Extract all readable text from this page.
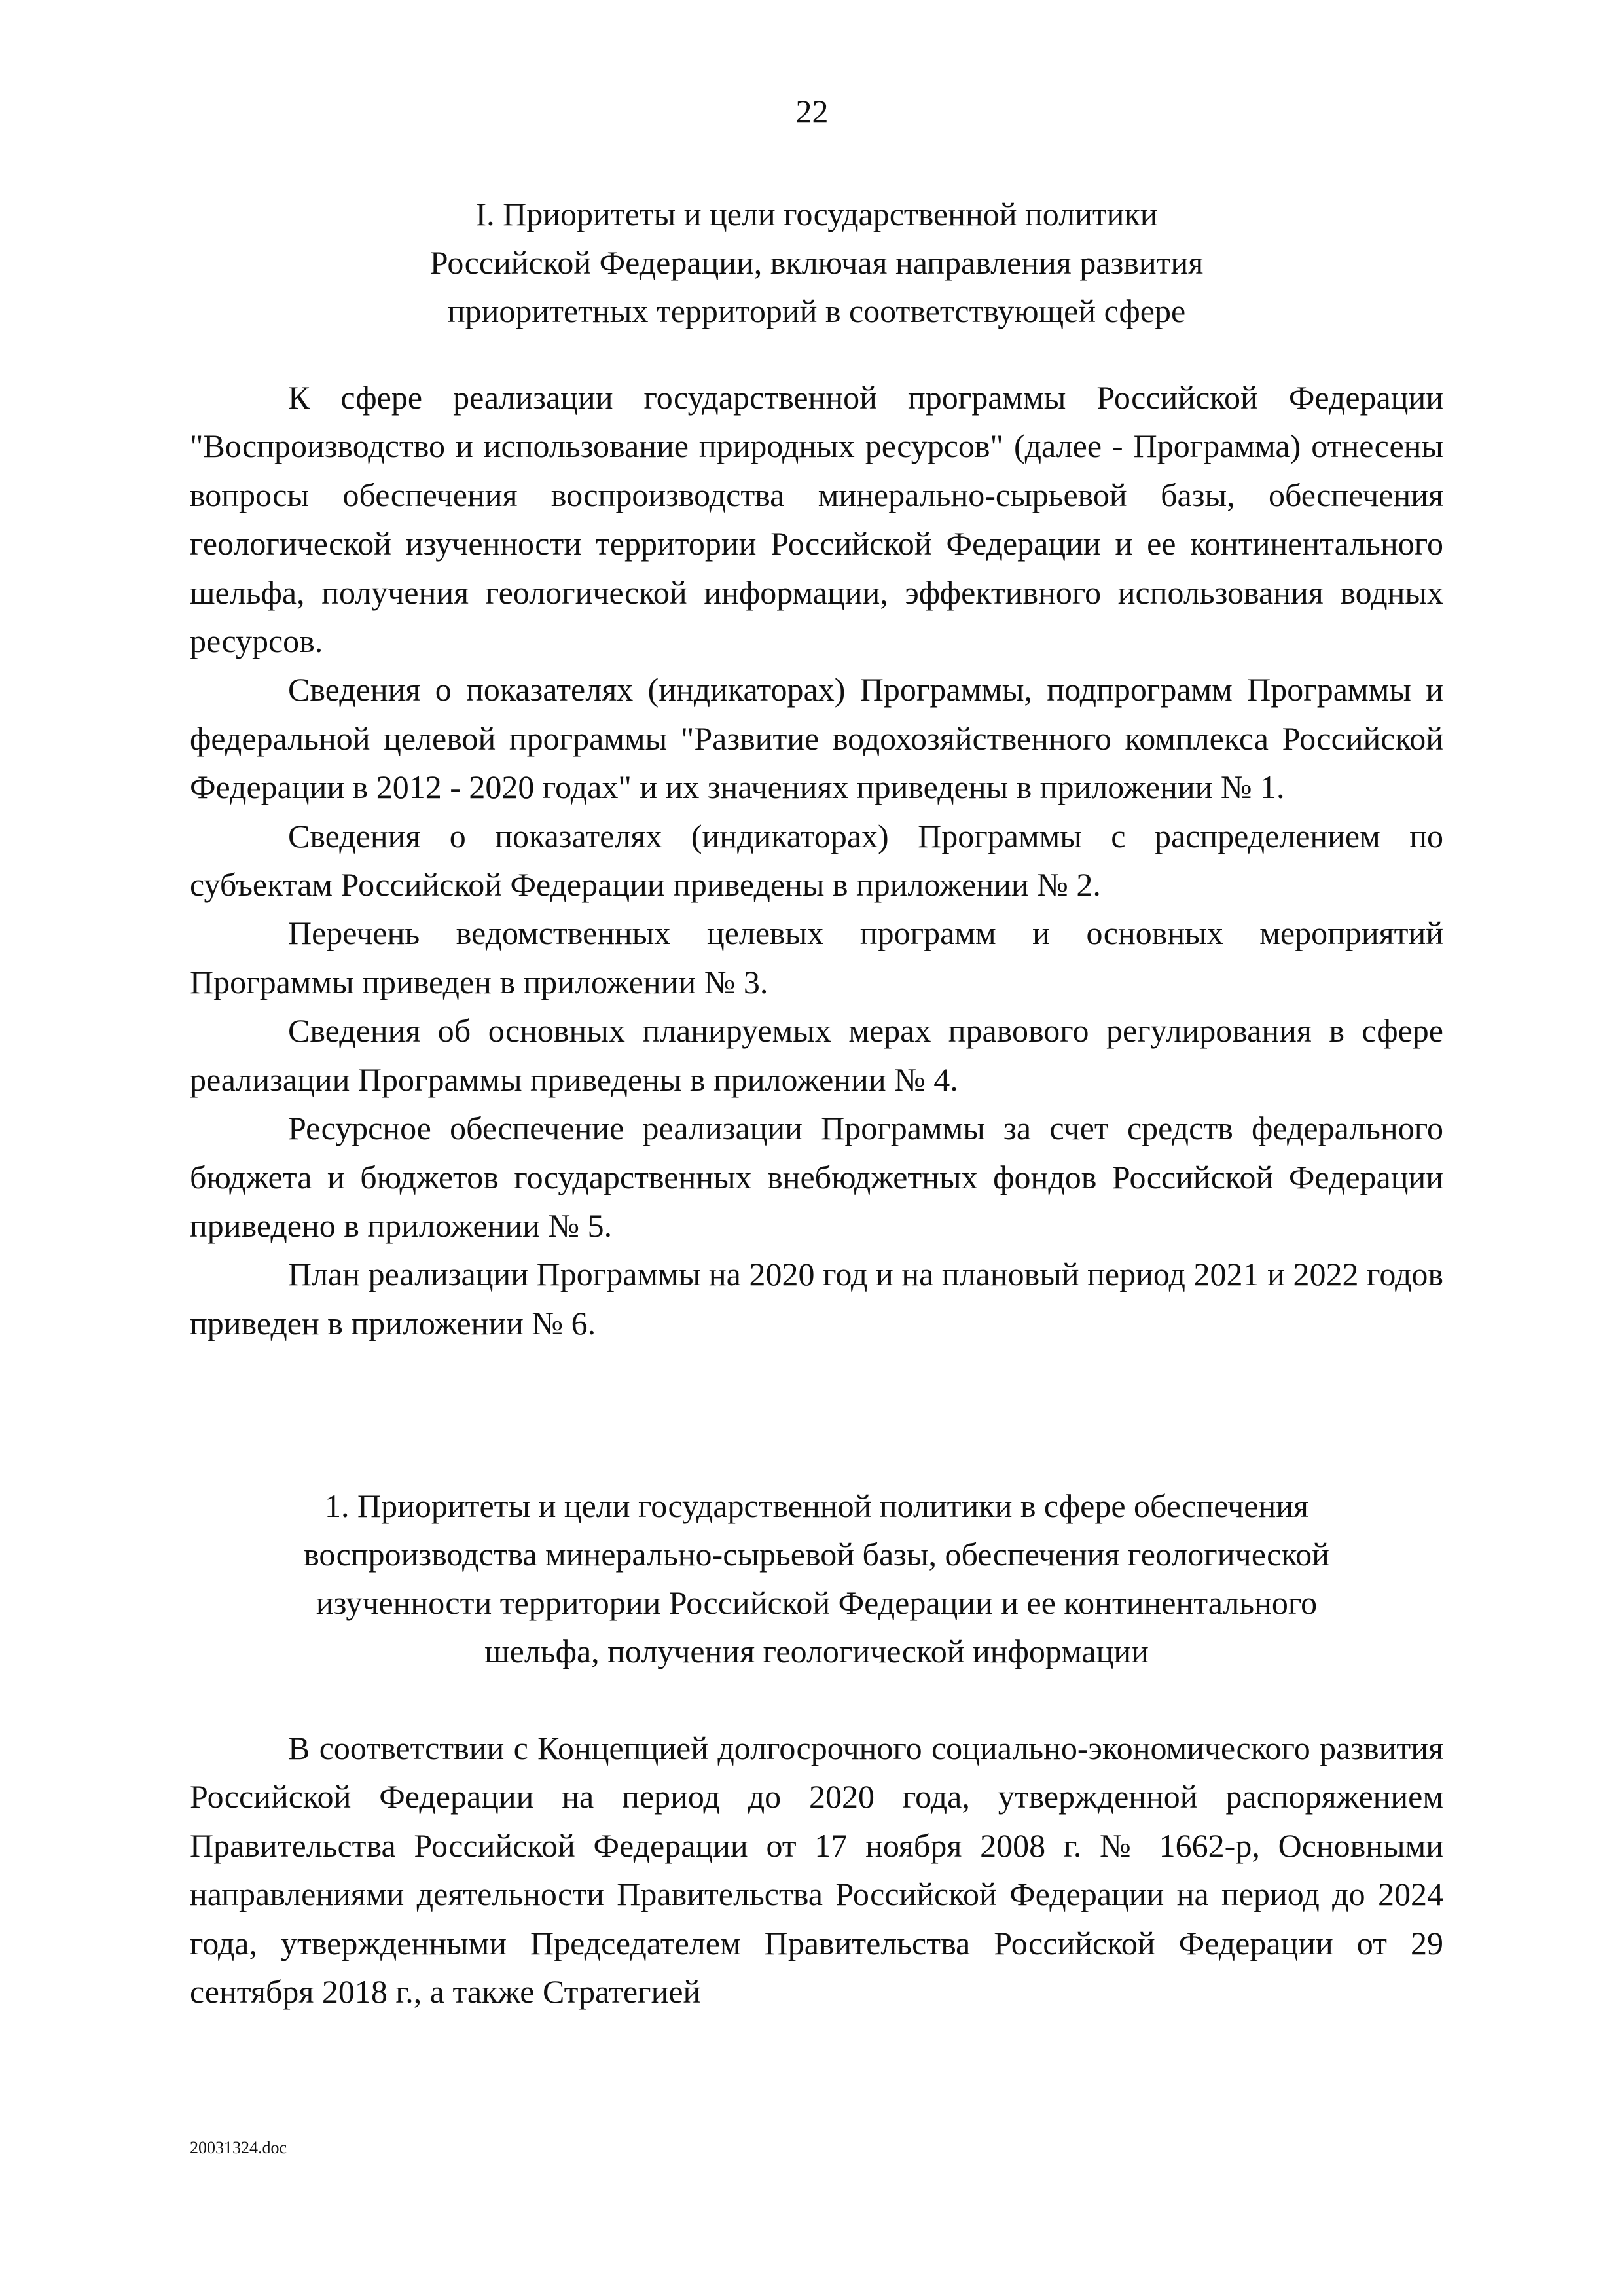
22
I. Приоритеты и цели государственной политики
Российской Федерации, включая направления развития
приоритетных территорий в соответствующей сфере

К сфере реализации государственной программы Российской Федерации "Воспроизводство и использование природных ресурсов" (далее - Программа) отнесены вопросы обеспечения воспроизводства минерально-сырьевой базы, обеспечения геологической изученности территории Российской Федерации и ее континентального шельфа, получения геологической информации, эффективного использования водных ресурсов.

Сведения о показателях (индикаторах) Программы, подпрограмм Программы и федеральной целевой программы "Развитие водохозяйственного комплекса Российской Федерации в 2012 - 2020 годах" и их значениях приведены в приложении № 1.

Сведения о показателях (индикаторах) Программы с распределением по субъектам Российской Федерации приведены в приложении № 2.

Перечень ведомственных целевых программ и основных мероприятий Программы приведен в приложении № 3.

Сведения об основных планируемых мерах правового регулирования в сфере реализации Программы приведены в приложении № 4.

Ресурсное обеспечение реализации Программы за счет средств федерального бюджета и бюджетов государственных внебюджетных фондов Российской Федерации приведено в приложении № 5.

План реализации Программы на 2020 год и на плановый период 2021 и 2022 годов приведен в приложении № 6.

1. Приоритеты и цели государственной политики в сфере обеспечения
воспроизводства минерально-сырьевой базы, обеспечения геологической
изученности территории Российской Федерации и ее континентального
шельфа, получения геологической информации

В соответствии с Концепцией долгосрочного социально-экономического развития Российской Федерации на период до 2020 года, утвержденной распоряжением Правительства Российской Федерации от 17 ноября 2008 г. № 1662-р, Основными направлениями деятельности Правительства Российской Федерации на период до 2024 года, утвержденными Председателем Правительства Российской Федерации от 29 сентября 2018 г., а также Стратегией

20031324.doc
